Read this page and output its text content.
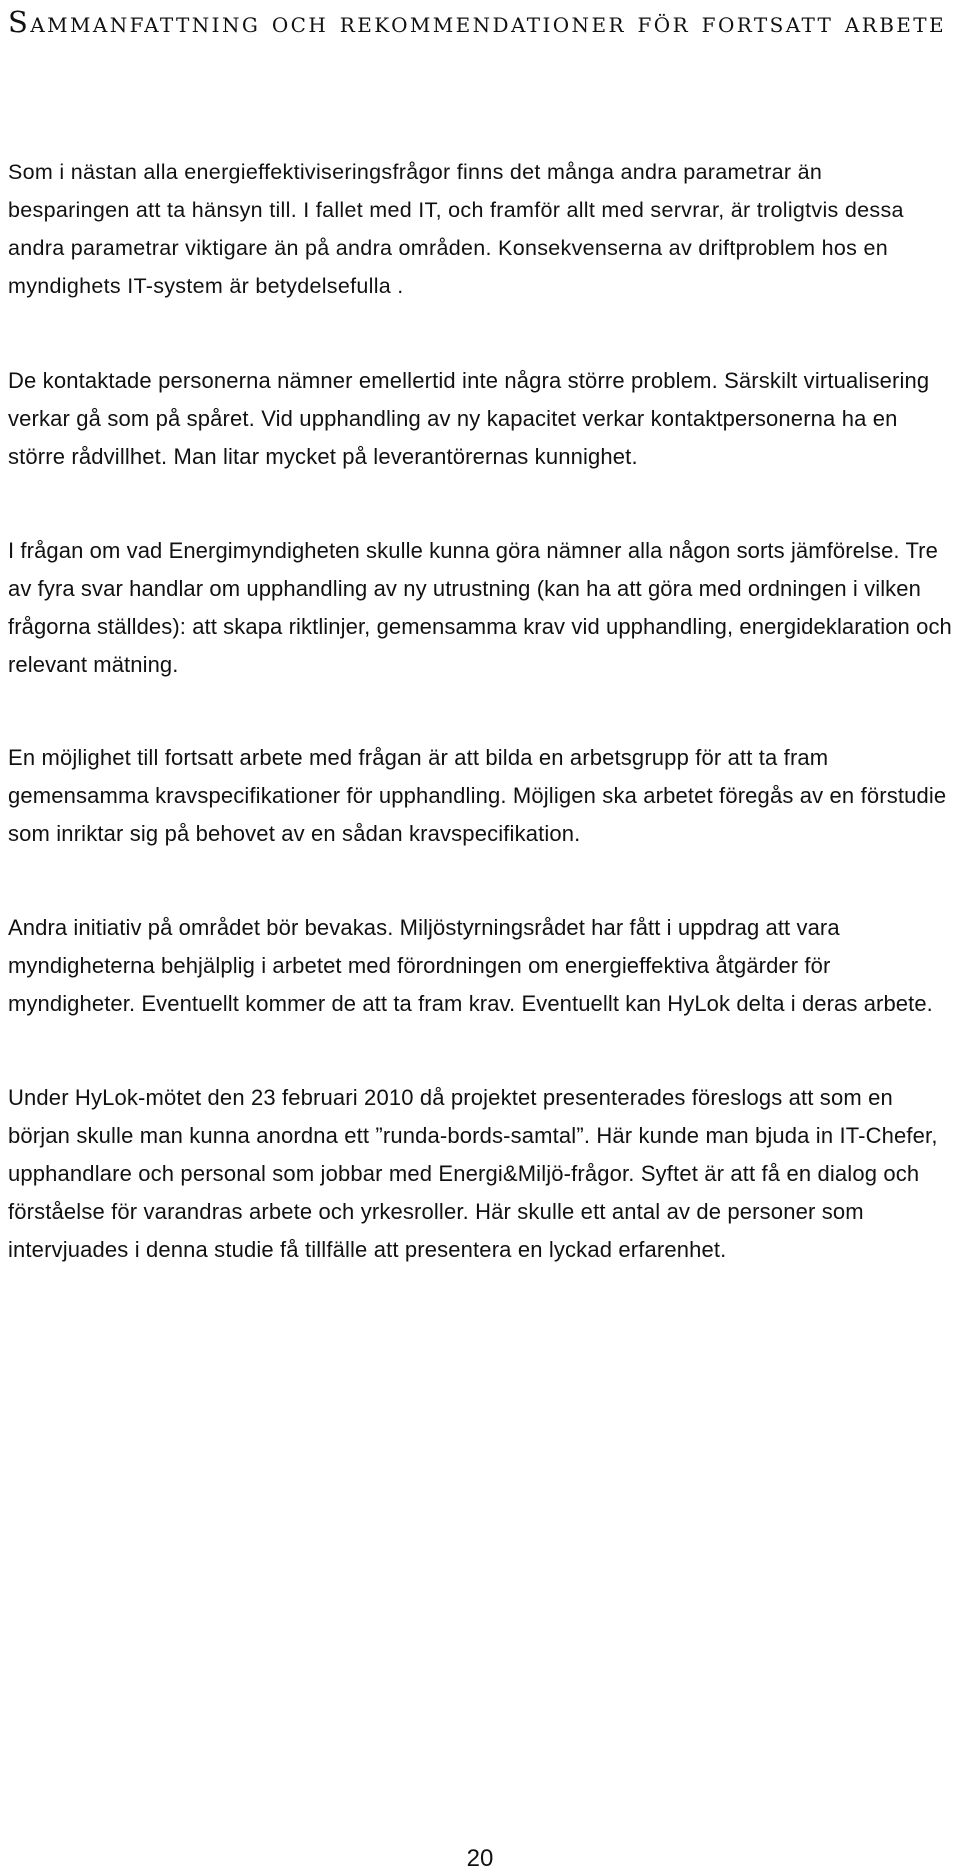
Sammanfattning och rekommendationer för fortsatt arbete

Som i nästan alla energieffektiviseringsfrågor finns det många andra parametrar än besparingen att ta hänsyn till. I fallet med IT, och framför allt med servrar, är troligtvis dessa andra parametrar viktigare än på andra områden. Konsekvenserna av driftproblem hos en myndighets IT-system är betydelsefulla .

De kontaktade personerna nämner emellertid inte några större problem. Särskilt virtualisering verkar gå som på spåret. Vid upphandling av ny kapacitet verkar kontaktpersonerna ha en större rådvillhet. Man litar mycket på leverantörernas kunnighet.

I frågan om vad Energimyndigheten skulle kunna göra nämner alla någon sorts jämförelse. Tre av fyra svar handlar om upphandling av ny utrustning (kan ha att göra med ordningen i vilken frågorna ställdes): att skapa riktlinjer, gemensamma krav vid upphandling, energideklaration och relevant mätning.

En möjlighet till fortsatt arbete med frågan är att bilda en arbetsgrupp för att ta fram gemensamma kravspecifikationer för upphandling. Möjligen ska arbetet föregås av en förstudie som inriktar sig på behovet av en sådan kravspecifikation.

Andra initiativ på området bör bevakas. Miljöstyrningsrådet har fått i uppdrag att vara myndigheterna behjälplig i arbetet med förordningen om energieffektiva åtgärder för myndigheter. Eventuellt kommer de att ta fram krav. Eventuellt kan HyLok delta i deras arbete.

Under HyLok-mötet den 23 februari 2010 då projektet presenterades föreslogs att som en början skulle man kunna anordna ett ”runda-bords-samtal”. Här kunde man bjuda in IT-Chefer, upphandlare och personal som jobbar med Energi&Miljö-frågor. Syftet är att få en dialog och förståelse för varandras arbete och yrkesroller. Här skulle ett antal av de personer som intervjuades i denna studie få tillfälle att presentera en lyckad erfarenhet.

20
